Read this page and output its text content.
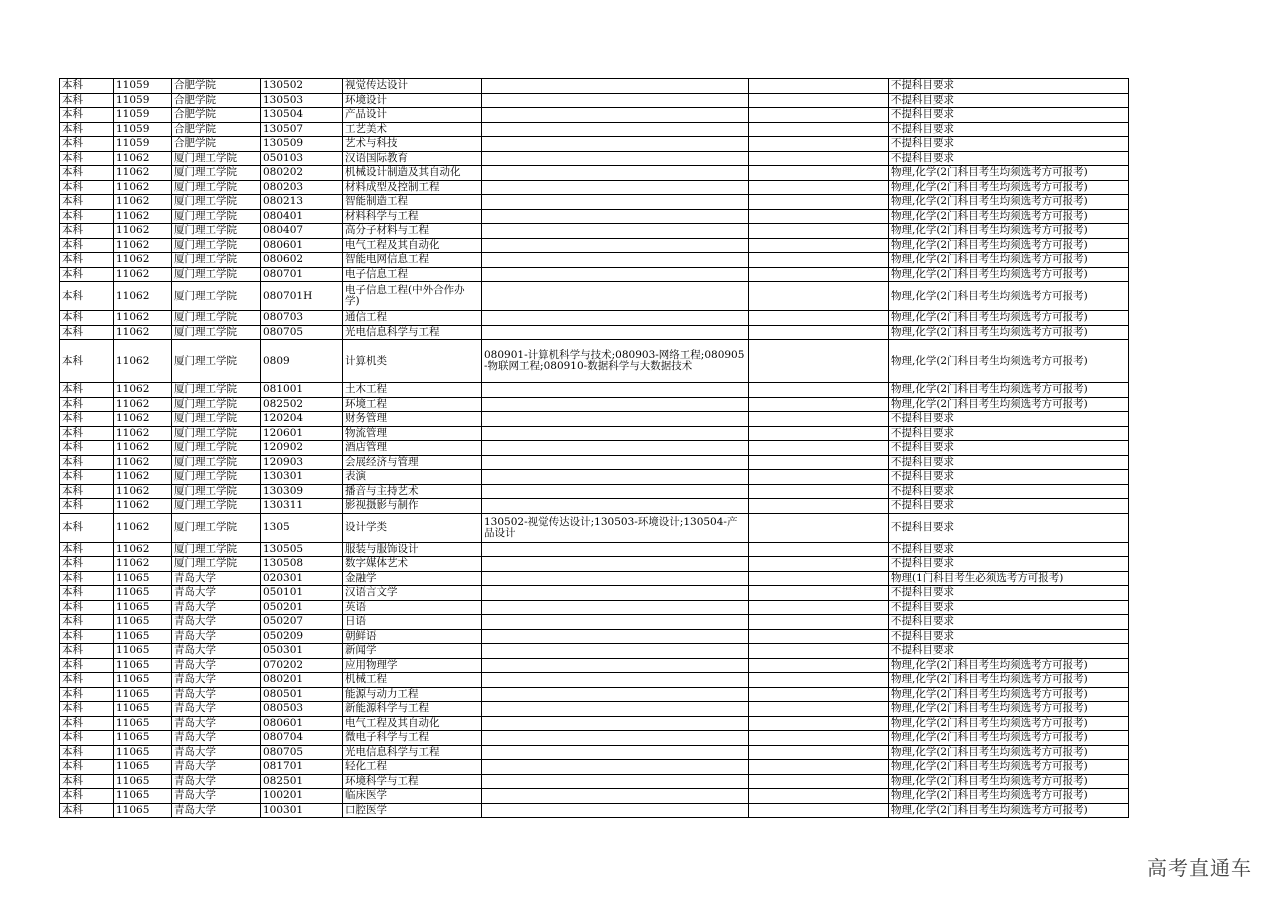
本科	11059	合肥学院	130502	视觉传达设计			不提科目要求
本科	11059	合肥学院	130503	环境设计			不提科目要求
本科	11059	合肥学院	130504	产品设计			不提科目要求
本科	11059	合肥学院	130507	工艺美术			不提科目要求
本科	11059	合肥学院	130509	艺术与科技			不提科目要求
本科	11062	厦门理工学院	050103	汉语国际教育			不提科目要求
本科	11062	厦门理工学院	080202	机械设计制造及其自动化			物理,化学(2门科目考生均须选考方可报考)
本科	11062	厦门理工学院	080203	材料成型及控制工程			物理,化学(2门科目考生均须选考方可报考)
本科	11062	厦门理工学院	080213	智能制造工程			物理,化学(2门科目考生均须选考方可报考)
本科	11062	厦门理工学院	080401	材料科学与工程			物理,化学(2门科目考生均须选考方可报考)
本科	11062	厦门理工学院	080407	高分子材料与工程			物理,化学(2门科目考生均须选考方可报考)
本科	11062	厦门理工学院	080601	电气工程及其自动化			物理,化学(2门科目考生均须选考方可报考)
本科	11062	厦门理工学院	080602	智能电网信息工程			物理,化学(2门科目考生均须选考方可报考)
本科	11062	厦门理工学院	080701	电子信息工程			物理,化学(2门科目考生均须选考方可报考)
本科	11062	厦门理工学院	080701H	电子信息工程(中外合作办学)			物理,化学(2门科目考生均须选考方可报考)
本科	11062	厦门理工学院	080703	通信工程			物理,化学(2门科目考生均须选考方可报考)
本科	11062	厦门理工学院	080705	光电信息科学与工程			物理,化学(2门科目考生均须选考方可报考)
本科	11062	厦门理工学院	0809	计算机类	080901-计算机科学与技术;080903-网络工程;080905-物联网工程;080910-数据科学与大数据技术		物理,化学(2门科目考生均须选考方可报考)
本科	11062	厦门理工学院	081001	土木工程			物理,化学(2门科目考生均须选考方可报考)
本科	11062	厦门理工学院	082502	环境工程			物理,化学(2门科目考生均须选考方可报考)
本科	11062	厦门理工学院	120204	财务管理			不提科目要求
本科	11062	厦门理工学院	120601	物流管理			不提科目要求
本科	11062	厦门理工学院	120902	酒店管理			不提科目要求
本科	11062	厦门理工学院	120903	会展经济与管理			不提科目要求
本科	11062	厦门理工学院	130301	表演			不提科目要求
本科	11062	厦门理工学院	130309	播音与主持艺术			不提科目要求
本科	11062	厦门理工学院	130311	影视摄影与制作			不提科目要求
本科	11062	厦门理工学院	1305	设计学类	130502-视觉传达设计;130503-环境设计;130504-产品设计		不提科目要求
本科	11062	厦门理工学院	130505	服装与服饰设计			不提科目要求
本科	11062	厦门理工学院	130508	数字媒体艺术			不提科目要求
本科	11065	青岛大学	020301	金融学			物理(1门科目考生必须选考方可报考)
本科	11065	青岛大学	050101	汉语言文学			不提科目要求
本科	11065	青岛大学	050201	英语			不提科目要求
本科	11065	青岛大学	050207	日语			不提科目要求
本科	11065	青岛大学	050209	朝鲜语			不提科目要求
本科	11065	青岛大学	050301	新闻学			不提科目要求
本科	11065	青岛大学	070202	应用物理学			物理,化学(2门科目考生均须选考方可报考)
本科	11065	青岛大学	080201	机械工程			物理,化学(2门科目考生均须选考方可报考)
本科	11065	青岛大学	080501	能源与动力工程			物理,化学(2门科目考生均须选考方可报考)
本科	11065	青岛大学	080503	新能源科学与工程			物理,化学(2门科目考生均须选考方可报考)
本科	11065	青岛大学	080601	电气工程及其自动化			物理,化学(2门科目考生均须选考方可报考)
本科	11065	青岛大学	080704	微电子科学与工程			物理,化学(2门科目考生均须选考方可报考)
本科	11065	青岛大学	080705	光电信息科学与工程			物理,化学(2门科目考生均须选考方可报考)
本科	11065	青岛大学	081701	轻化工程			物理,化学(2门科目考生均须选考方可报考)
本科	11065	青岛大学	082501	环境科学与工程			物理,化学(2门科目考生均须选考方可报考)
本科	11065	青岛大学	100201	临床医学			物理,化学(2门科目考生均须选考方可报考)
本科	11065	青岛大学	100301	口腔医学			物理,化学(2门科目考生均须选考方可报考)
高考直通车
